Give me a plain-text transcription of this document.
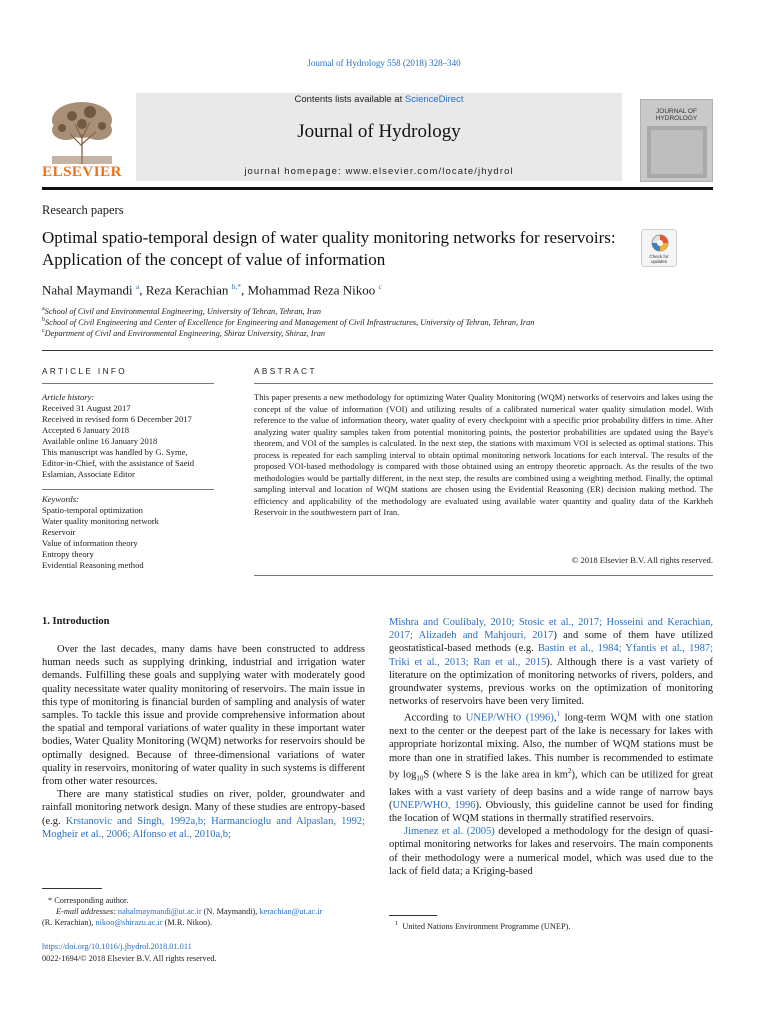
Journal of Hydrology 558 (2018) 328–340
ELSEVIER
Contents lists available at ScienceDirect
Journal of Hydrology
journal homepage: www.elsevier.com/locate/jhydrol
JOURNAL OF HYDROLOGY
Research papers
Optimal spatio-temporal design of water quality monitoring networks for reservoirs: Application of the concept of value of information	Check for updates
Nahal Maymandi $^a$, Reza Kerachian $^{b,*}$, Mohammad Reza Nikoo $^c$
$^a$School of Civil and Environmental Engineering, University of Tehran, Tehran, Iran
$^b$School of Civil Engineering and Center of Excellence for Engineering and Management of Civil Infrastructures, University of Tehran, Tehran, Iran
$^c$Department of Civil and Environmental Engineering, Shiraz University, Shiraz, Iran
ARTICLE INFO
Article history:
Received 31 August 2017
Received in revised form 6 December 2017
Accepted 6 January 2018
Available online 16 January 2018
This manuscript was handled by G. Syme,
Editor-in-Chief, with the assistance of Saeid
Eslamian, Associate Editor
Keywords:
Spatio-temporal optimization
Water quality monitoring network
Reservoir
Value of information theory
Entropy theory
Evidential Reasoning method
ABSTRACT
This paper presents a new methodology for optimizing Water Quality Monitoring (WQM) networks of reservoirs and lakes using the concept of the value of information (VOI) and utilizing results of a calibrated numerical water quality simulation model. With reference to the value of information theory, water quality of every checkpoint with a specific prior probability differs in time. After analyzing water quality samples taken from potential monitoring points, the posterior probabilities are updated using the Baye's theorem, and VOI of the samples is calculated. In the next step, the stations with maximum VOI is selected as optimal stations. This process is repeated for each sampling interval to obtain optimal monitoring network locations for each interval. The results of the proposed VOI-based methodology is compared with those obtained using an entropy theoretic approach. As the results of the two methodologies would be partially different, in the next step, the results are combined using a weighting method. Finally, the optimal sampling interval and location of WQM stations are chosen using the Evidential Reasoning (ER) decision making method. The efficiency and applicability of the methodology are evaluated using available water quantity and quality data of the Karkheh Reservoir in the southwestern part of Iran.
© 2018 Elsevier B.V. All rights reserved.
1. Introduction

Over the last decades, many dams have been constructed to address human needs such as supplying drinking, industrial and irrigation water demands. Fulfilling these goals and supplying water with moderately good quality necessitate water quality monitoring of reservoirs. The main issue in this type of monitoring is financial burden of sampling and analysis of water samples. To tackle this issue and provide comprehensive information about the spatial and temporal variations of water quality in these important water bodies, Water Quality Monitoring (WQM) networks for reservoirs should be optimally designed. Because of three-dimensional variations of water quality in reservoirs, monitoring of water quality in such systems is different from other water resources.

There are many statistical studies on river, polder, groundwater and rainfall monitoring network design. Many of these studies are entropy-based (e.g. Krstanovic and Singh, 1992a,b; Harmancioglu and Alpaslan, 1992; Mogheir et al., 2006; Alfonso et al., 2010a,b;

Mishra and Coulibaly, 2010; Stosic et al., 2017; Hosseini and Kerachian, 2017; Alizadeh and Mahjouri, 2017) and some of them have utilized geostatistical-based methods (e.g. Bastin et al., 1984; Yfantis et al., 1987; Triki et al., 2013; Ran et al., 2015). Although there is a vast variety of literature on the optimization of monitoring networks of rivers, polders, and groundwater systems, previous works on the optimization of monitoring networks of reservoirs have been very limited.

According to UNEP/WHO (1996),$^1$ long-term WQM with one station next to the center or the deepest part of the lake is necessary for lakes with appropriate horizontal mixing. Also, the number of WQM stations must be more than one in stratified lakes. This number is recommended to estimate by $\log_{10}S$ (where S is the lake area in $km^2$), which can be utilized for great lakes with a vast variety of deep basins and a wide range of narrow bays (UNEP/WHO, 1996). Obviously, this guideline cannot be used for finding the location of WQM stations in thermally stratified reservoirs.

Jimenez et al. (2005) developed a methodology for the design of quasi-optimal monitoring networks for lakes and reservoirs. The main components of their methodology were a numerical model, which was used due to the lack of field data; a Kriging-based

* Corresponding author.
E-mail addresses: nahalmaymandi@ut.ac.ir (N. Maymandi), kerachian@ut.ac.ir
(R. Kerachian), nikoo@shirazu.ac.ir (M.R. Nikoo).	$^1$ United Nations Environment Programme (UNEP).
https://doi.org/10.1016/j.jhydrol.2018.01.011
0022-1694/© 2018 Elsevier B.V. All rights reserved.
